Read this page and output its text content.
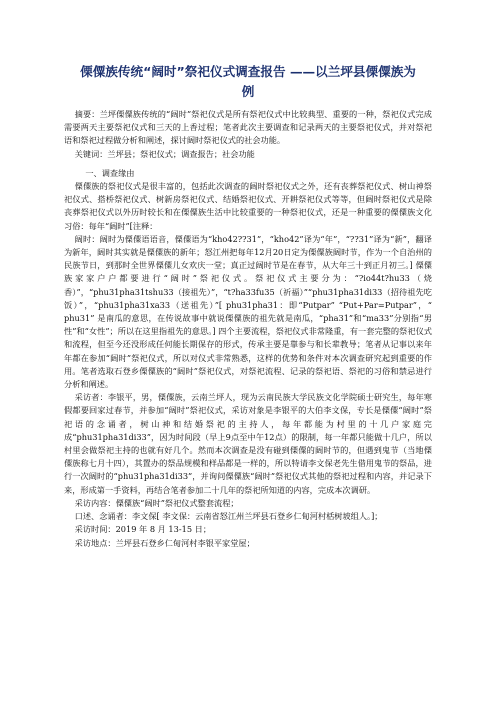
傈僳族传统“阔时”祭祀仪式调查报告 ——以兰坪县傈僳族为
例

摘要：兰坪傈僳族传统的“阔时”祭祀仪式是所有祭祀仪式中比较典型、重要的一种，祭祀仪式完成需要两天主要祭祀仪式和三天的上香过程；笔者此次主要调查和记录两天的主要祭祀仪式，并对祭祀语和祭祀过程做分析和阐述，探讨阔时祭祀仪式的社会功能。

关键词：兰坪县；祭祀仪式；调查报告；社会功能

一、调查缘由

傈僳族的祭祀仪式是很丰富的，包括此次调查的阔时祭祀仪式之外，还有丧葬祭祀仪式、树山神祭祀仪式、搭桥祭祀仪式、树新房祭祀仪式、结婚祭祀仪式、开耕祭祀仪式等等，但阔时祭祀仪式是除丧葬祭祀仪式以外历时较长和在傈僳族生活中比较重要的一种祭祀仪式，还是一种重要的傈僳族文化习俗：每年“阔时”[注释：

阔时：阔时为傈僳语语音，傈僳语为“kho42??31”，“kho42”译为“年”，“??31”译为“新”，翻译为新年，阔时其实就是傈僳族的新年；怒江州把每年12月20日定为傈僳族阔时节，作为一个自治州的民族节日，到那时全世界傈僳儿女欢庆一堂；真正过阔时节是在春节，从大年三十到正月初三。] 傈僳族家家户户都要进行“阔时”祭祀仪式。祭祀仪式主要分为：“?io44t?hu33（烧香）”，“phu31pha31tshu33（接祖先）”，“t?ha33fu35（祈福）”“phu31pha31di33（招待祖先吃饭）”，“phu31pha31xa33（送祖先）”[ phu31pha31：即“Putpar” “Put+Par=Putpar”，“ phu31” 是南瓜的意思，在传说故事中就说傈僳族的祖先就是南瓜，“pha31”和“ma33”分别指“男性”和“女性”；所以在这里指祖先的意思。] 四个主要流程，祭祀仪式非常隆重，有一套完整的祭祀仪式和流程，但至今还没形成任何能长期保存的形式，传承主要是靠参与和长辈教导；笔者从记事以来年年都在参加“阔时”祭祀仪式，所以对仪式非常熟悉，这样的优势和条件对本次调查研究起到重要的作用。笔者选取石登乡傈僳族的“阔时”祭祀仪式，对祭祀流程、记录的祭祀语、祭祀的习俗和禁忌进行分析和阐述。

采访者：李银平，男，傈僳族，云南兰坪人，现为云南民族大学民族文化学院硕士研究生，每年寒假都要回家过春节，并参加“阔时”祭祀仪式，采访对象是李银平的大伯李文保，专长是傈僳“阔时”祭祀语的念诵者，树山神和结婚祭祀的主持人，每年都能为村里的十几户家庭完成“phu31pha31di33”，因为时间段（早上9点至中午12点）的限制，每一年都只能做十几户，所以村里会做祭祀主持的也就有好几个。然而本次调查是没有碰到傈僳的阔时节的，但遇到鬼节（当地傈僳族称七月十四），其置办的祭品规模和样品都是一样的，所以特请李文保老先生借用鬼节的祭品，进行一次阔时的“phu31pha31di33”，并询问傈僳族“阔时”祭祀仪式其他的祭祀过程和内容，并记录下来，形成第一手资料，再结合笔者参加二十几年的祭祀所知道的内容，完成本次调研。

采访内容：傈僳族“阔时”祭祀仪式整套流程；

口述、念诵者：李文保[ 李文保：云南省怒江州兰坪县石登乡仁甸河村栝树坡组人。]；

采访时间：2019 年 8 月 13-15 日；

采访地点：兰坪县石登乡仁甸河村李银平家堂屋；
